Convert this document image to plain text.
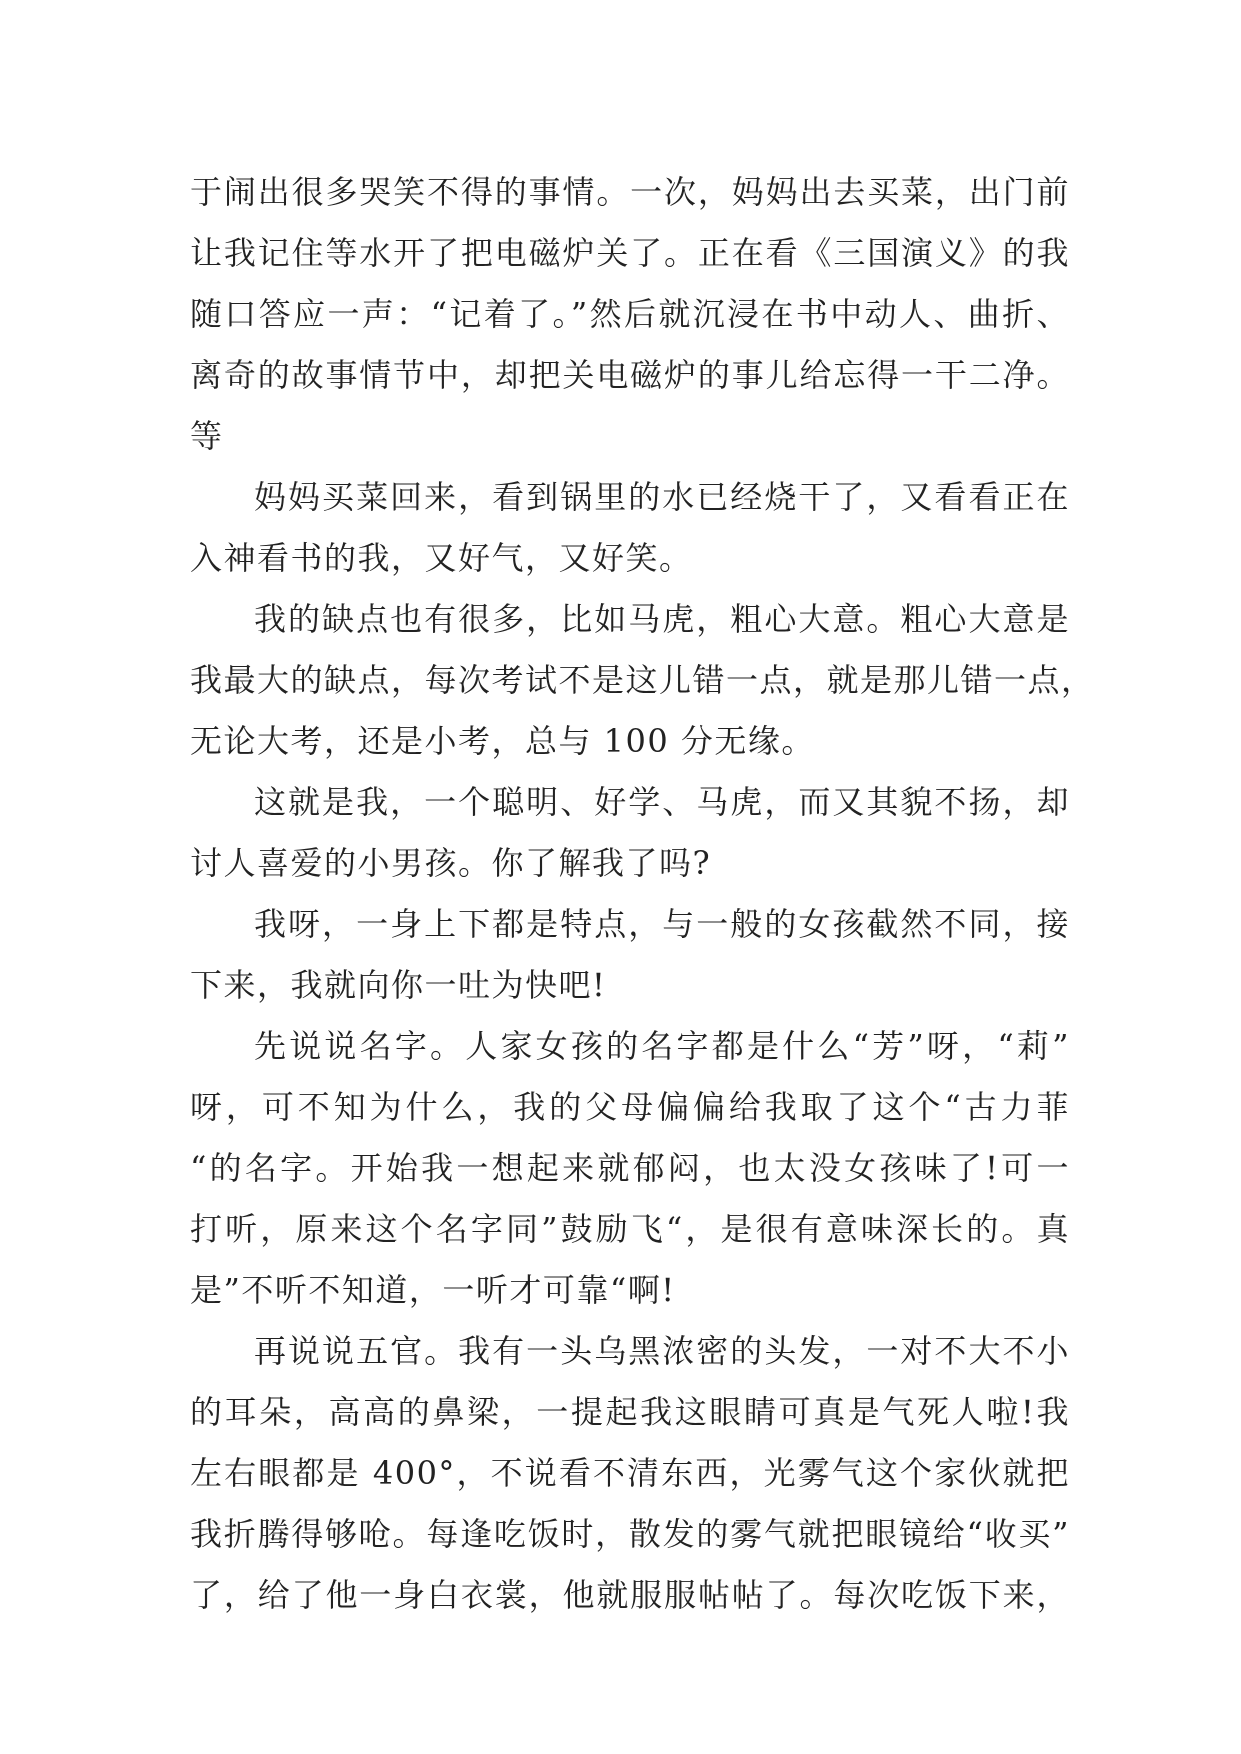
于闹出很多哭笑不得的事情。一次，妈妈出去买菜，出门前
让我记住等水开了把电磁炉关了。正在看《三国演义》的我
随口答应一声：“记着了。”然后就沉浸在书中动人、曲折、
离奇的故事情节中，却把关电磁炉的事儿给忘得一干二净。
等
妈妈买菜回来，看到锅里的水已经烧干了，又看看正在
入神看书的我，又好气，又好笑。
我的缺点也有很多，比如马虎，粗心大意。粗心大意是
我最大的缺点，每次考试不是这儿错一点，就是那儿错一点，
无论大考，还是小考，总与 100 分无缘。
这就是我，一个聪明、好学、马虎，而又其貌不扬，却
讨人喜爱的小男孩。你了解我了吗?
我呀，一身上下都是特点，与一般的女孩截然不同，接
下来，我就向你一吐为快吧!
先说说名字。人家女孩的名字都是什么“芳”呀，“莉”
呀，可不知为什么，我的父母偏偏给我取了这个“古力菲
“的名字。开始我一想起来就郁闷，也太没女孩味了!可一
打听，原来这个名字同”鼓励飞“，是很有意味深长的。真
是”不听不知道，一听才可靠“啊!
再说说五官。我有一头乌黑浓密的头发，一对不大不小
的耳朵，高高的鼻梁，一提起我这眼睛可真是气死人啦!我
左右眼都是 400°，不说看不清东西，光雾气这个家伙就把
我折腾得够呛。每逢吃饭时，散发的雾气就把眼镜给“收买”
了，给了他一身白衣裳，他就服服帖帖了。每次吃饭下来，
